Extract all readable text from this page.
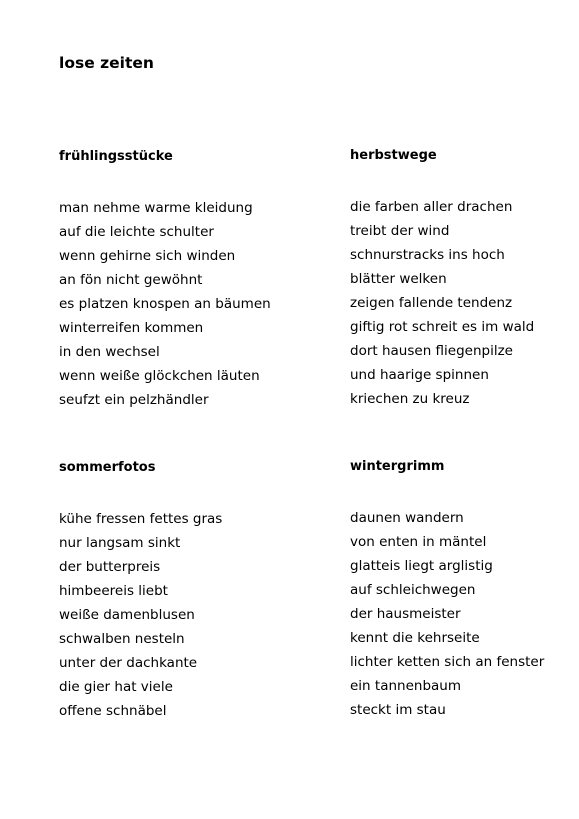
lose zeiten
frühlingsstücke
man nehme warme kleidung
auf die leichte schulter
wenn gehirne sich winden
an fön nicht gewöhnt
es platzen knospen an bäumen
winterreifen kommen
in den wechsel
wenn weiße glöckchen läuten
seufzt ein pelzhändler
herbstwege
die farben aller drachen
treibt der wind
schnurstracks ins hoch
blätter welken
zeigen fallende tendenz
giftig rot schreit es im wald
dort hausen fliegenpilze
und haarige spinnen
kriechen zu kreuz
sommerfotos
kühe fressen fettes gras
nur langsam sinkt
der butterpreis
himbeereis liebt
weiße damenblusen
schwalben nesteln
unter der dachkante
die gier hat viele
offene schnäbel
wintergrimm
daunen wandern
von enten in mäntel
glatteis liegt arglistig
auf schleichwegen
der hausmeister
kennt die kehrseite
lichter ketten sich an fenster
ein tannenbaum
steckt im stau
